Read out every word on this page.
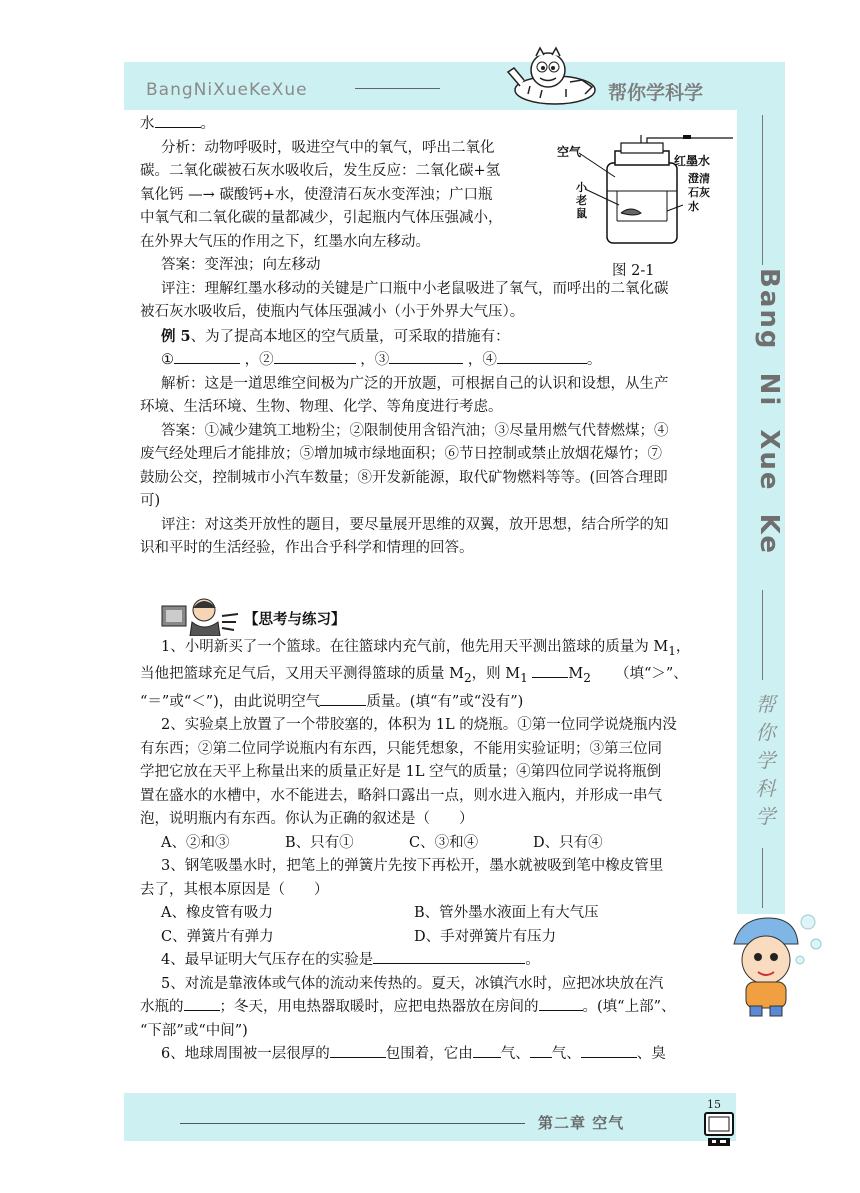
BangNiXueKeXue	帮你学科学
Bang  Ni  Xue  Ke
帮你学科学
空气
小老鼠
红墨水
澄清石灰水
图 2-1
水	。
分析：动物呼吸时，吸进空气中的氧气，呼出二氧化
碳。二氧化碳被石灰水吸收后，发生反应：二氧化碳+氢
氧化钙 —→ 碳酸钙+水，使澄清石灰水变浑浊；广口瓶
中氧气和二氧化碳的量都减少，引起瓶内气体压强减小，
在外界大气压的作用之下，红墨水向左移动。
答案：变浑浊；向左移动
评注：理解红墨水移动的关键是广口瓶中小老鼠吸进了氧气，而呼出的二氧化碳
被石灰水吸收后，使瓶内气体压强减小（小于外界大气压）。
例 5、为了提高本地区的空气质量，可采取的措施有：
①	，②	，③	，④	。
解析：这是一道思维空间极为广泛的开放题，可根据自己的认识和设想，从生产
环境、生活环境、生物、物理、化学、等角度进行考虑。
答案：①减少建筑工地粉尘；②限制使用含铅汽油；③尽量用燃气代替燃煤；④
废气经处理后才能排放；⑤增加城市绿地面积；⑥节日控制或禁止放烟花爆竹；⑦
鼓励公交，控制城市小汽车数量；⑧开发新能源，取代矿物燃料等等。(回答合理即
可)
评注：对这类开放性的题目，要尽量展开思维的双翼，放开思想，结合所学的知
识和平时的生活经验，作出合乎科学和情理的回答。
【思考与练习】
1、小明新买了一个篮球。在往篮球内充气前，他先用天平测出篮球的质量为 $M_1$，
当他把篮球充足气后，又用天平测得篮球的质量 $M_2$，则 $M_1$	$M_2$ （填“＞”、
“＝”或“＜”)，由此说明空气	质量。(填“有”或“没有”)
2、实验桌上放置了一个带胶塞的，体积为 1L 的烧瓶。①第一位同学说烧瓶内没
有东西；②第二位同学说瓶内有东西，只能凭想象，不能用实验证明；③第三位同
学把它放在天平上称量出来的质量正好是 1L 空气的质量；④第四位同学说将瓶倒
置在盛水的水槽中，水不能进去，略斜口露出一点，则水进入瓶内，并形成一串气
泡，说明瓶内有东西。你认为正确的叙述是（　　）
A、②和③	B、只有①	C、③和④	D、只有④
3、钢笔吸墨水时，把笔上的弹簧片先按下再松开，墨水就被吸到笔中橡皮管里
去了，其根本原因是（　　）
A、橡皮管有吸力	B、管外墨水液面上有大气压
C、弹簧片有弹力	D、手对弹簧片有压力
4、最早证明大气压存在的实验是	。
5、对流是靠液体或气体的流动来传热的。夏天，冰镇汽水时，应把冰块放在汽
水瓶的 ；冬天，用电热器取暖时，应把电热器放在房间的	。(填“上部”、
“下部”或“中间”)
6、地球周围被一层很厚的	包围着，它由 气、 气、	、臭
第二章 空气
15
